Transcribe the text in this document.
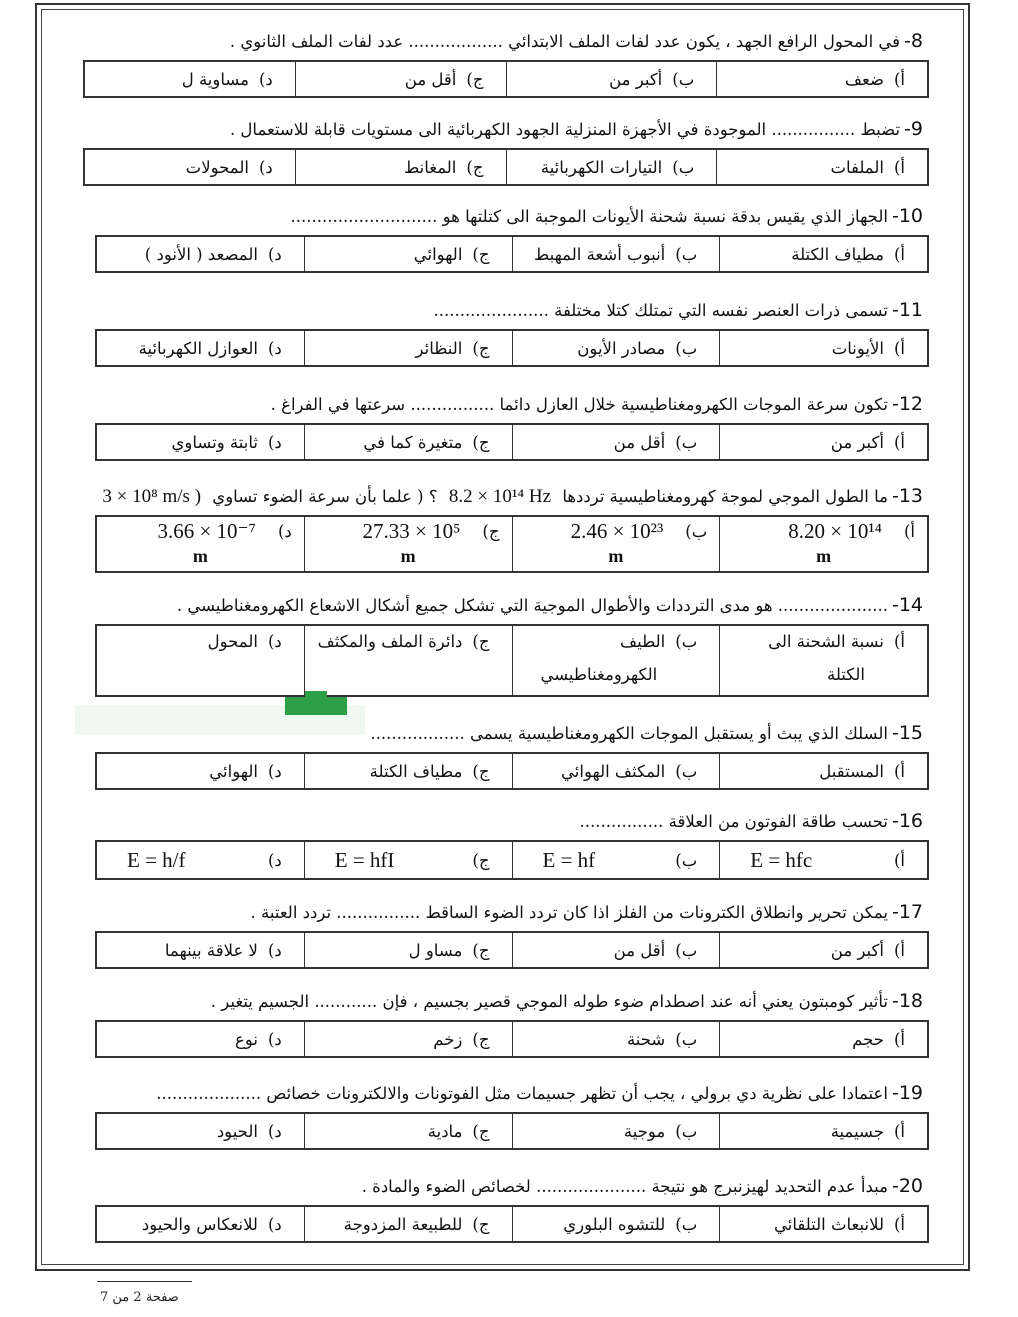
8-في المحول الرافع الجهد ، يكون عدد لفات الملف الابتدائي .................. عدد لفات الملف الثانوي .
أ)
ضعف
ب)
أكبر من
ج)
أقل من
د)
مساوية ل
9-تضبط ................ الموجودة في الأجهزة المنزلية الجهود الكهربائية الى مستويات قابلة للاستعمال .
أ)
الملفات
ب)
التيارات الكهربائية
ج)
المغانط
د)
المحولات
10-الجهاز الذي يقيس بدقة نسبة شحنة الأيونات الموجبة الى كتلتها هو ............................
أ)
مطياف الكتلة
ب)
أنبوب أشعة المهبط
ج)
الهوائي
د)
المصعد ( الأنود )
11-تسمى ذرات العنصر نفسه التي تمتلك كتلا مختلفة ......................
أ)
الأيونات
ب)
مصادر الأيون
ج)
النظائر
د)
العوازل الكهربائية
12-تكون سرعة الموجات الكهرومغناطيسية خلال العازل دائما ................ سرعتها في الفراغ .
أ)
أكبر من
ب)
أقل من
ج)
متغيرة كما في
د)
ثابتة وتساوي
13-ما الطول الموجي لموجة كهرومغناطيسية ترددها 8.2 × 10¹⁴ Hz ؟ ( علما بأن سرعة الضوء تساوي 3 × 10⁸ m/s )
أ)
8.20 × 10¹⁴
m
ب)
2.46 × 10²³
m
ج)
27.33 × 10⁵
m
د)
3.66 × 10⁻⁷
m
14-..................... هو مدى الترددات والأطوال الموجية التي تشكل جميع أشكال الاشعاع الكهرومغناطيسي .
أ)
نسبة الشحنة الى
الكتلة
ب)
الطيف
الكهرومغناطيسي
ج)
دائرة الملف والمكثف
د)
المحول
15-السلك الذي يبث أو يستقبل الموجات الكهرومغناطيسية يسمى ..................
أ)
المستقبل
ب)
المكثف الهوائي
ج)
مطياف الكتلة
د)
الهوائي
16-تحسب طاقة الفوتون من العلاقة ................
أ)
E = hfc
ب)
E = hf
ج)
E = hfI
د)
E = h/f
17-يمكن تحرير وانطلاق الكترونات من الفلز اذا كان تردد الضوء الساقط ................ تردد العتبة .
أ)
أكبر من
ب)
أقل من
ج)
مساو ل
د)
لا علاقة بينهما
18-تأثير كومبتون يعني أنه عند اصطدام ضوء طوله الموجي قصير بجسيم ، فإن ............ الجسيم يتغير .
أ)
حجم
ب)
شحنة
ج)
زخم
د)
نوع
19-اعتمادا على نظرية دي برولي ، يجب أن تظهر جسيمات مثل الفوتونات والالكترونات خصائص ....................
أ)
جسيمية
ب)
موجية
ج)
مادية
د)
الحيود
20-مبدأ عدم التحديد لهيزنبرج هو نتيجة ..................... لخصائص الضوء والمادة .
أ)
للانبعاث التلقائي
ب)
للتشوه البلوري
ج)
للطبيعة المزدوجة
د)
للانعكاس والحيود
صفحة 2 من 7
